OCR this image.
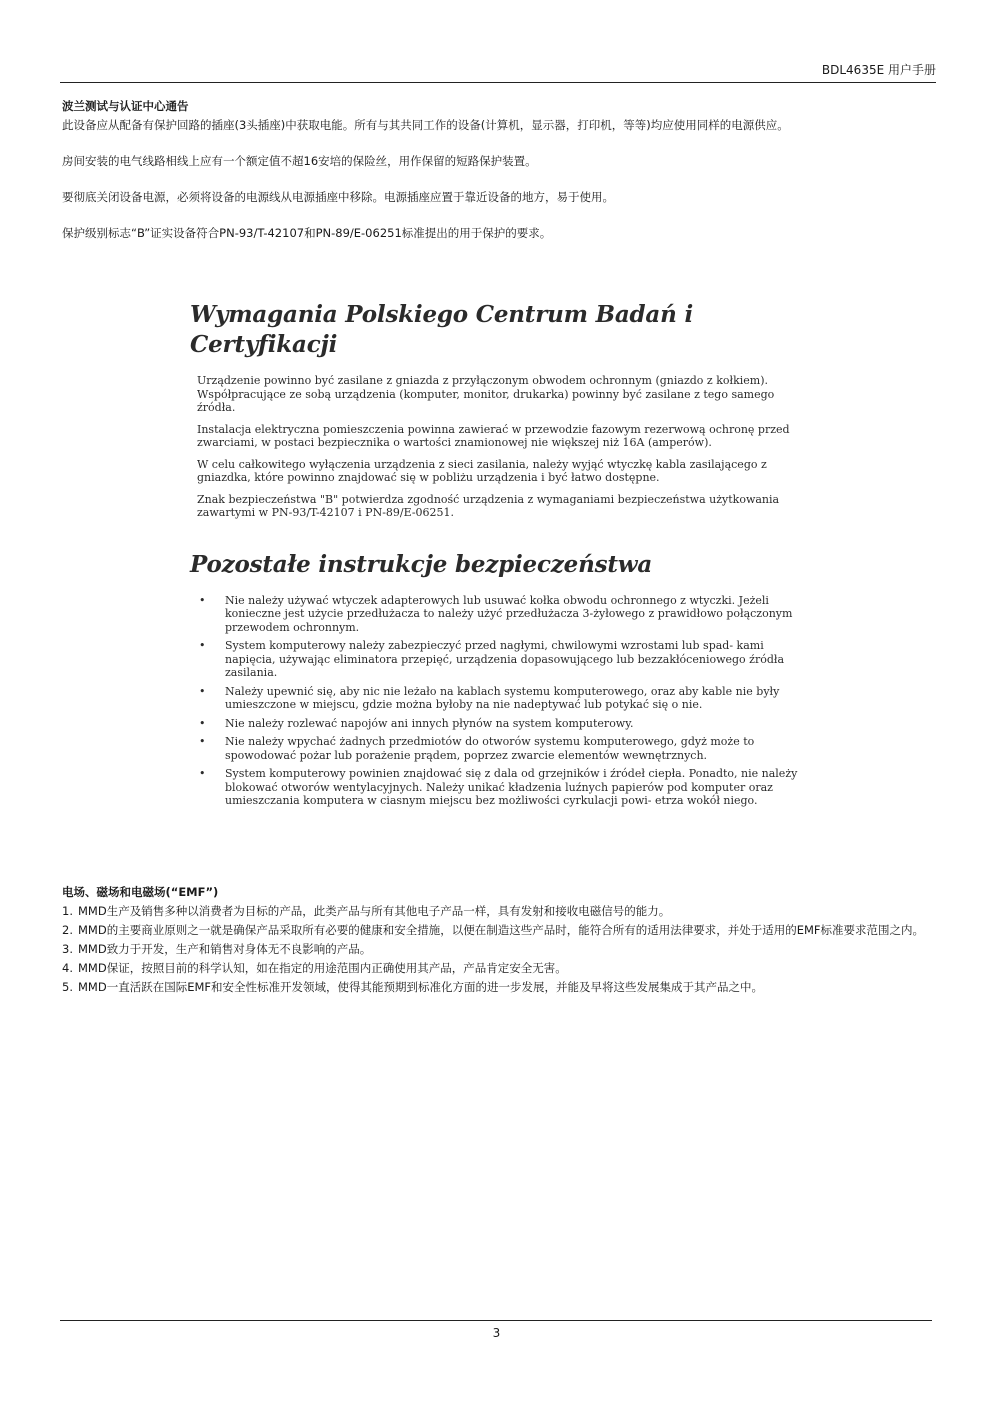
BDL4635E 用户手册
波兰测试与认证中心通告

此设备应从配备有保护回路的插座(3头插座)中获取电能。所有与其共同工作的设备(计算机，显示器，打印机，等等)均应使用同样的电源供应。

房间安装的电气线路相线上应有一个额定值不超16安培的保险丝，用作保留的短路保护装置。

要彻底关闭设备电源，必须将设备的电源线从电源插座中移除。电源插座应置于靠近设备的地方，易于使用。

保护级别标志“B”证实设备符合PN-93/T-42107和PN-89/E-06251标准提出的用于保护的要求。

Wymagania Polskiego Centrum Badań i Certyfikacji

Urządzenie powinno być zasilane z gniazda z przyłączonym obwodem ochronnym (gniazdo z kołkiem). Współpracujące ze sobą urządzenia (komputer, monitor, drukarka) powinny być zasilane z tego samego źródła.

Instalacja elektryczna pomieszczenia powinna zawierać w przewodzie fazowym rezerwową ochronę przed zwarciami, w postaci bezpiecznika o wartości znamionowej nie większej niż 16A (amperów).

W celu całkowitego wyłączenia urządzenia z sieci zasilania, należy wyjąć wtyczkę kabla zasilającego z gniazdka, które powinno znajdować się w pobliżu urządzenia i być łatwo dostępne.

Znak bezpieczeństwa "B" potwierdza zgodność urządzenia z wymaganiami bezpieczeństwa użytkowania zawartymi w PN-93/T-42107 i PN-89/E-06251.

Pozostałe instrukcje bezpieczeństwa
• Nie należy używać wtyczek adapterowych lub usuwać kołka obwodu ochronnego z wtyczki. Jeżeli konieczne jest użycie przedłużacza to należy użyć przedłużacza 3-żyłowego z prawidłowo połączonym przewodem ochronnym.
• System komputerowy należy zabezpieczyć przed nagłymi, chwilowymi wzrostami lub spad- kami napięcia, używając eliminatora przepięć, urządzenia dopasowującego lub bezzakłóceniowego źródła zasilania.
• Należy upewnić się, aby nic nie leżało na kablach systemu komputerowego, oraz aby kable nie były umieszczone w miejscu, gdzie można byłoby na nie nadeptywać lub potykać się o nie.
• Nie należy rozlewać napojów ani innych płynów na system komputerowy.
• Nie należy wpychać żadnych przedmiotów do otworów systemu komputerowego, gdyż może to spowodować pożar lub porażenie prądem, poprzez zwarcie elementów wewnętrznych.
• System komputerowy powinien znajdować się z dala od grzejników i źródeł ciepła. Ponadto, nie należy blokować otworów wentylacyjnych. Należy unikać kładzenia luźnych papierów pod komputer oraz umieszczania komputera w ciasnym miejscu bez możliwości cyrkulacji powi- etrza wokół niego.
电场、磁场和电磁场(“EMF”)
1. MMD生产及销售多种以消费者为目标的产品，此类产品与所有其他电子产品一样，具有发射和接收电磁信号的能力。
2. MMD的主要商业原则之一就是确保产品采取所有必要的健康和安全措施，以便在制造这些产品时，能符合所有的适用法律要求，并处于适用的EMF标准要求范围之内。
3. MMD致力于开发，生产和销售对身体无不良影响的产品。
4. MMD保证，按照目前的科学认知，如在指定的用途范围内正确使用其产品，产品肯定安全无害。
5. MMD一直活跃在国际EMF和安全性标准开发领域，使得其能预期到标准化方面的进一步发展，并能及早将这些发展集成于其产品之中。
3
